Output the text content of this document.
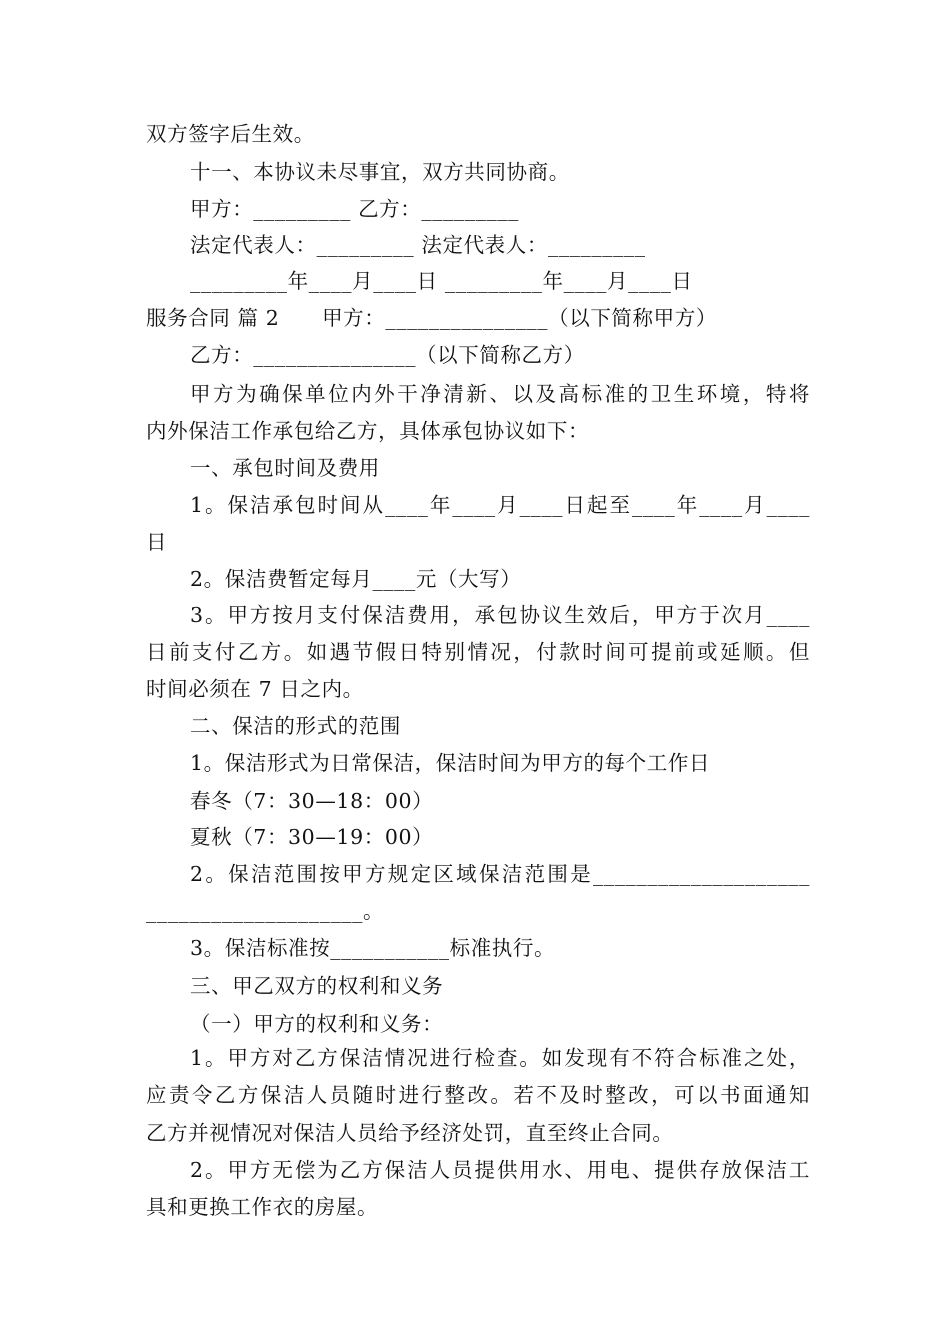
双方签字后生效。
十一、本协议未尽事宜，双方共同协商。
甲方：_________ 乙方：_________
法定代表人：_________ 法定代表人：_________
_________年____月____日 _________年____月____日
服务合同 篇 2      甲方：_______________（以下简称甲方）
乙方：_______________（以下简称乙方）
甲方为确保单位内外干净清新、以及高标准的卫生环境，特将
内外保洁工作承包给乙方，具体承包协议如下：
一、承包时间及费用
1。保洁承包时间从____年____月____日起至____年____月____
日
2。保洁费暂定每月____元（大写）
3。甲方按月支付保洁费用，承包协议生效后，甲方于次月____
日前支付乙方。如遇节假日特别情况，付款时间可提前或延顺。但
时间必须在 7 日之内。
二、保洁的形式的范围
1。保洁形式为日常保洁，保洁时间为甲方的每个工作日
春冬（7：30—18：00）
夏秋（7：30—19：00）
2。保洁范围按甲方规定区域保洁范围是____________________
____________________。
3。保洁标准按___________标准执行。
三、甲乙双方的权利和义务
（一）甲方的权利和义务：
1。甲方对乙方保洁情况进行检查。如发现有不符合标准之处，
应责令乙方保洁人员随时进行整改。若不及时整改，可以书面通知
乙方并视情况对保洁人员给予经济处罚，直至终止合同。
2。甲方无偿为乙方保洁人员提供用水、用电、提供存放保洁工
具和更换工作衣的房屋。
